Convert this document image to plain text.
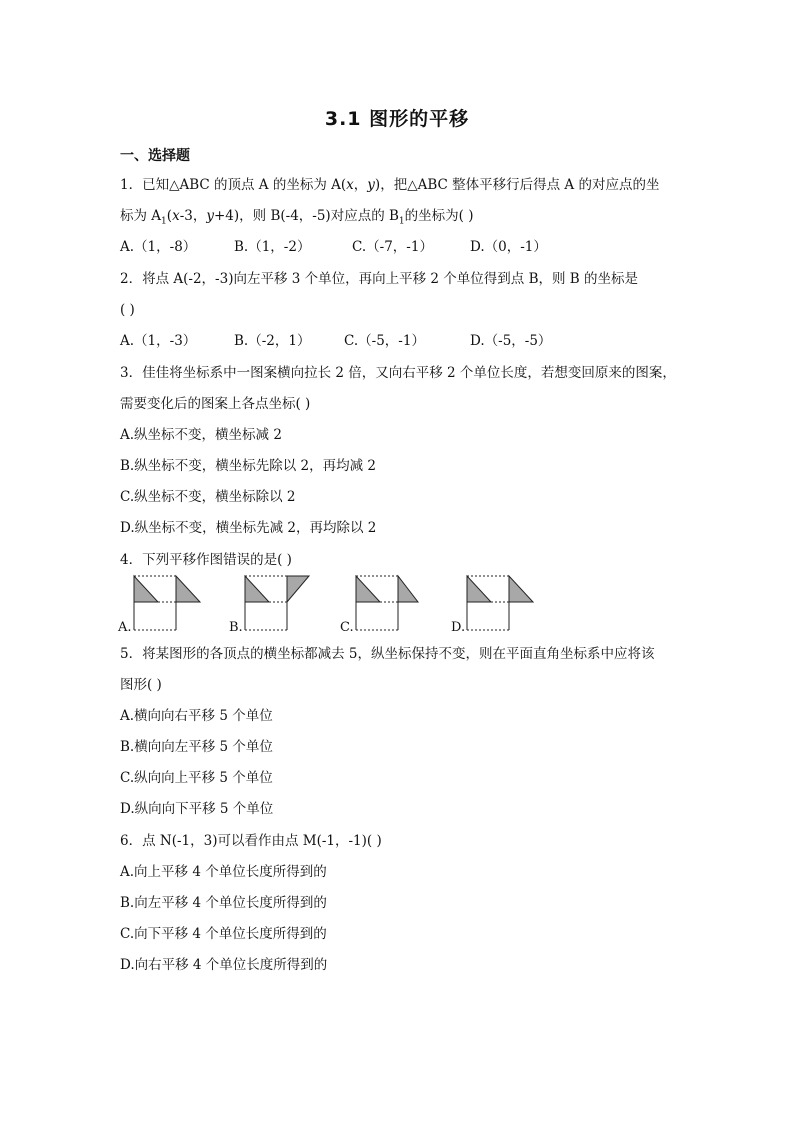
3.1 图形的平移
一、选择题
1．已知△ABC 的顶点 A 的坐标为 A(x，y)，把△ABC 整体平移行后得点 A 的对应点的坐
标为 $A_1(x-3$，y+4)，则 B(-4，-5)对应点的 $B_1$的坐标为( )
A.（1，-8）	B.（1，-2）	C.（-7，-1）	D.（0，-1）
2．将点 A(-2，-3)向左平移 3 个单位，再向上平移 2 个单位得到点 B，则 B 的坐标是
( )
A.（1，-3）	B.（-2，1） C.（-5，-1）	D.（-5，-5）
3．佳佳将坐标系中一图案横向拉长 2 倍，又向右平移 2 个单位长度，若想变回原来的图案，
需要变化后的图案上各点坐标( )
A.纵坐标不变，横坐标减 2
B.纵坐标不变，横坐标先除以 2，再均减 2
C.纵坐标不变，横坐标除以 2
D.纵坐标不变，横坐标先减 2，再均除以 2
4．下列平移作图错误的是( )
A.	B.	C.	D.
5．将某图形的各顶点的横坐标都减去 5，纵坐标保持不变，则在平面直角坐标系中应将该
图形( )
A.横向向右平移 5 个单位
B.横向向左平移 5 个单位
C.纵向向上平移 5 个单位
D.纵向向下平移 5 个单位
6．点 N(-1，3)可以看作由点 M(-1，-1)( )
A.向上平移 4 个单位长度所得到的
B.向左平移 4 个单位长度所得到的
C.向下平移 4 个单位长度所得到的
D.向右平移 4 个单位长度所得到的
